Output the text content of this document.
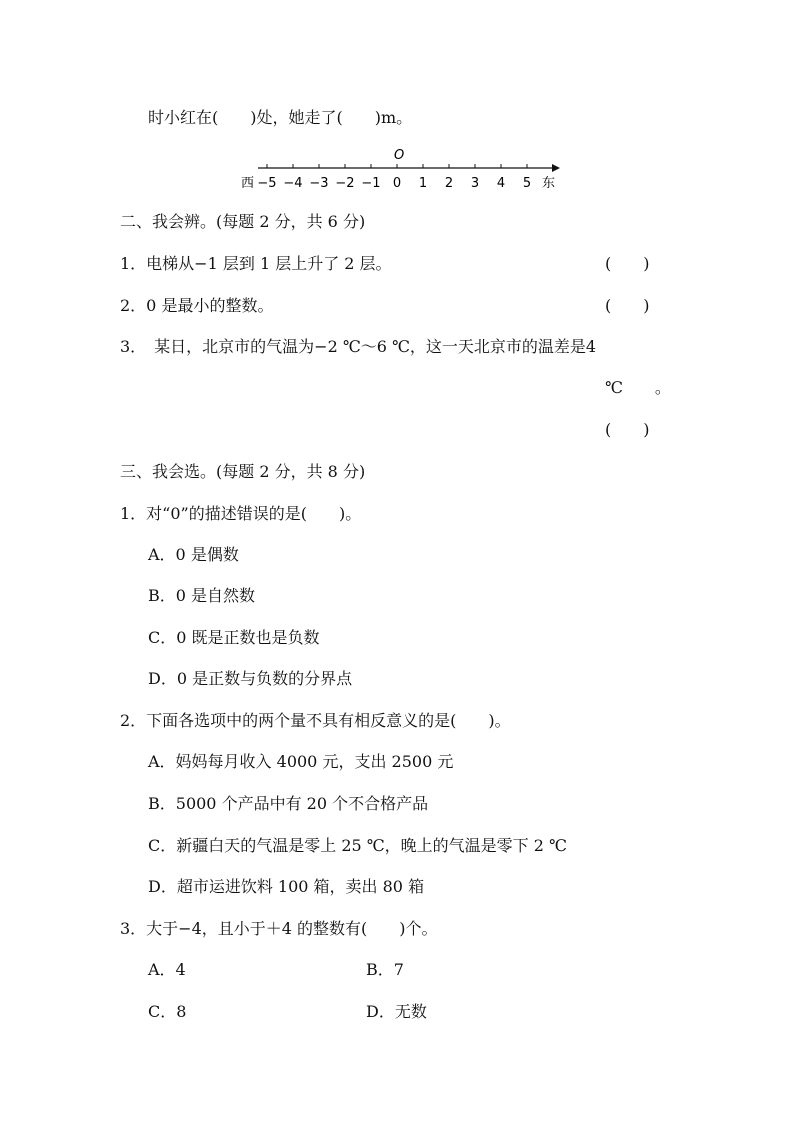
时小红在(　　)处，她走了(　　)m。
−5 −4 −3 −2 −1 0 1 2 3 4 5
O
西	东
二、我会辨。(每题 2 分，共 6 分)
1．电梯从−1 层到 1 层上升了 2 层。	(　　)
2．0 是最小的整数。	(　　)
3．　某日，北京市的气温为−2 ℃～6 ℃，这一天北京市的温差是4
℃　　。
(　　)
三、我会选。(每题 2 分，共 8 分)
1．对“0”的描述错误的是(　　)。
A．0 是偶数
B．0 是自然数
C．0 既是正数也是负数
D．0 是正数与负数的分界点
2．下面各选项中的两个量不具有相反意义的是(　　)。
A．妈妈每月收入 4000 元，支出 2500 元
B．5000 个产品中有 20 个不合格产品
C．新疆白天的气温是零上 25 ℃，晚上的气温是零下 2 ℃
D．超市运进饮料 100 箱，卖出 80 箱
3．大于−4，且小于＋4 的整数有(　　)个。
A．4	B．7
C．8	D．无数
